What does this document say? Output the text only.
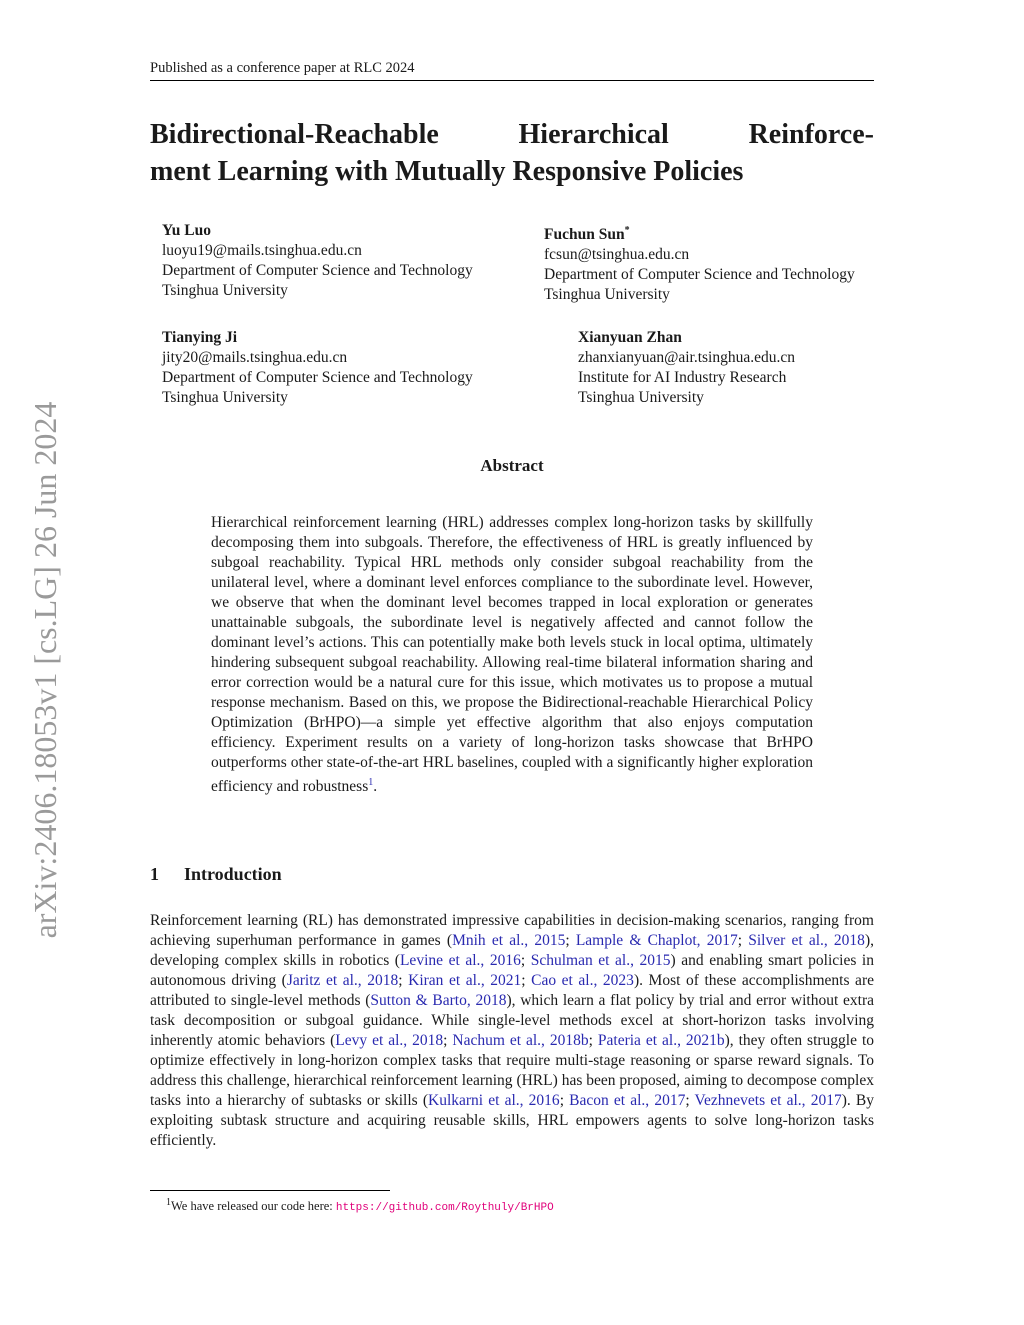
Published as a conference paper at RLC 2024
arXiv:2406.18053v1 [cs.LG] 26 Jun 2024
Bidirectional-Reachable	Hierarchical	Reinforce-
ment Learning with Mutually Responsive Policies
Yu Luo
luoyu19@mails.tsinghua.edu.cn
Department of Computer Science and Technology
Tsinghua University
Fuchun Sun*
fcsun@tsinghua.edu.cn
Department of Computer Science and Technology
Tsinghua University
Tianying Ji
jity20@mails.tsinghua.edu.cn
Department of Computer Science and Technology
Tsinghua University
Xianyuan Zhan
zhanxianyuan@air.tsinghua.edu.cn
Institute for AI Industry Research
Tsinghua University
Abstract
Hierarchical reinforcement learning (HRL) addresses complex long-horizon tasks by skillfully decomposing them into subgoals. Therefore, the effectiveness of HRL is greatly influenced by subgoal reachability. Typical HRL methods only consider subgoal reachability from the unilateral level, where a dominant level enforces compliance to the subordinate level. However, we observe that when the dominant level becomes trapped in local exploration or generates unattainable subgoals, the subordinate level is negatively affected and cannot follow the dominant level’s actions. This can potentially make both levels stuck in local optima, ultimately hindering subsequent subgoal reachability. Allowing real-time bilateral information sharing and error correction would be a natural cure for this issue, which motivates us to propose a mutual response mechanism. Based on this, we propose the Bidirectional-reachable Hierarchical Policy Optimization (BrHPO)—a simple yet effective algorithm that also enjoys computation efficiency. Experiment results on a variety of long-horizon tasks showcase that BrHPO outperforms other state-of-the-art HRL baselines, coupled with a significantly higher exploration efficiency and robustness$^1$.
1 Introduction
Reinforcement learning (RL) has demonstrated impressive capabilities in decision-making scenarios, ranging from achieving superhuman performance in games (Mnih et al., 2015; Lample & Chaplot, 2017; Silver et al., 2018), developing complex skills in robotics (Levine et al., 2016; Schulman et al., 2015) and enabling smart policies in autonomous driving (Jaritz et al., 2018; Kiran et al., 2021; Cao et al., 2023). Most of these accomplishments are attributed to single-level methods (Sutton & Barto, 2018), which learn a flat policy by trial and error without extra task decomposition or subgoal guidance. While single-level methods excel at short-horizon tasks involving inherently atomic behaviors (Levy et al., 2018; Nachum et al., 2018b; Pateria et al., 2021b), they often struggle to optimize effectively in long-horizon complex tasks that require multi-stage reasoning or sparse reward signals. To address this challenge, hierarchical reinforcement learning (HRL) has been proposed, aiming to decompose complex tasks into a hierarchy of subtasks or skills (Kulkarni et al., 2016; Bacon et al., 2017; Vezhnevets et al., 2017). By exploiting subtask structure and acquiring reusable skills, HRL empowers agents to solve long-horizon tasks efficiently.
$^1$We have released our code here: https://github.com/Roythuly/BrHPO
